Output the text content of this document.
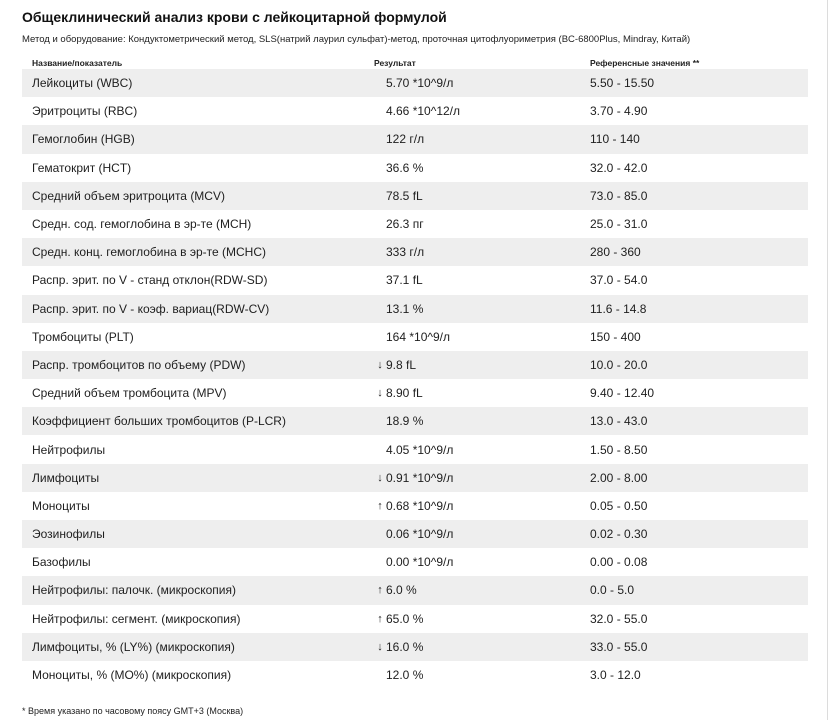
Общеклинический анализ крови с лейкоцитарной формулой
Метод и оборудование: Кондуктометрический метод, SLS(натрий лаурил сульфат)-метод, проточная цитофлуориметрия (BC-6800Plus, Mindray, Китай)
Название/показатель	Результат	Референсные значения **
Лейкоциты (WBC)	5.70 *10^9/л	5.50 - 15.50
Эритроциты (RBC)	4.66 *10^12/л	3.70 - 4.90
Гемоглобин (HGB)	122 г/л	110 - 140
Гематокрит (HCT)	36.6 %	32.0 - 42.0
Средний объем эритроцита (MCV)	78.5 fL	73.0 - 85.0
Средн. сод. гемоглобина в эр-те (MCH)	26.3 пг	25.0 - 31.0
Средн. конц. гемоглобина в эр-те (MCHC)	333 г/л	280 - 360
Распр. эрит. по V - станд отклон(RDW-SD)	37.1 fL	37.0 - 54.0
Распр. эрит. по V - коэф. вариац(RDW-CV)	13.1 %	11.6 - 14.8
Тромбоциты (PLT)	164 *10^9/л	150 - 400
Распр. тромбоцитов по объему (PDW)	↓ 9.8 fL	10.0 - 20.0
Средний объем тромбоцита (MPV)	↓ 8.90 fL	9.40 - 12.40
Коэффициент больших тромбоцитов (P-LCR)	18.9 %	13.0 - 43.0
Нейтрофилы	4.05 *10^9/л	1.50 - 8.50
Лимфоциты	↓ 0.91 *10^9/л	2.00 - 8.00
Моноциты	↑ 0.68 *10^9/л	0.05 - 0.50
Эозинофилы	0.06 *10^9/л	0.02 - 0.30
Базофилы	0.00 *10^9/л	0.00 - 0.08
Нейтрофилы: палочк. (микроскопия)	↑ 6.0 %	0.0 - 5.0
Нейтрофилы: сегмент. (микроскопия)	↑ 65.0 %	32.0 - 55.0
Лимфоциты, % (LY%) (микроскопия)	↓ 16.0 %	33.0 - 55.0
Моноциты, % (MO%) (микроскопия)	12.0 %	3.0 - 12.0
* Время указано по часовому поясу GMT+3 (Москва)
